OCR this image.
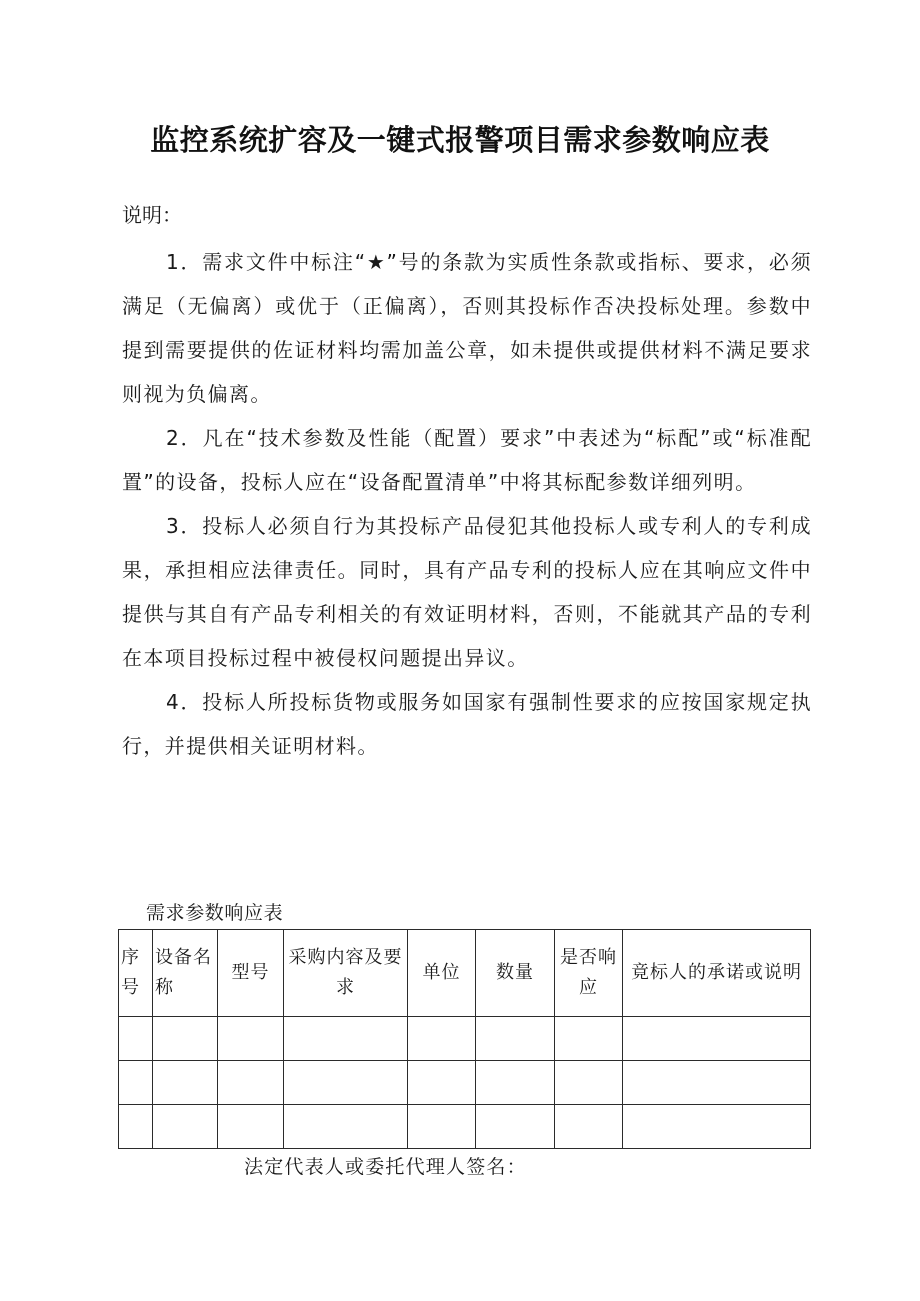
监控系统扩容及一键式报警项目需求参数响应表
说明：

1．需求文件中标注“★”号的条款为实质性条款或指标、要求，必须满足（无偏离）或优于（正偏离），否则其投标作否决投标处理。参数中提到需要提供的佐证材料均需加盖公章，如未提供或提供材料不满足要求则视为负偏离。

2．凡在“技术参数及性能（配置）要求”中表述为“标配”或“标准配置”的设备，投标人应在“设备配置清单”中将其标配参数详细列明。

3．投标人必须自行为其投标产品侵犯其他投标人或专利人的专利成果，承担相应法律责任。同时，具有产品专利的投标人应在其响应文件中提供与其自有产品专利相关的有效证明材料，否则，不能就其产品的专利在本项目投标过程中被侵权问题提出异议。

4．投标人所投标货物或服务如国家有强制性要求的应按国家规定执行，并提供相关证明材料。

需求参数响应表
序号	设备名称	型号	采购内容及要求	单位	数量	是否响应	竟标人的承诺或说明

法定代表人或委托代理人签名：
